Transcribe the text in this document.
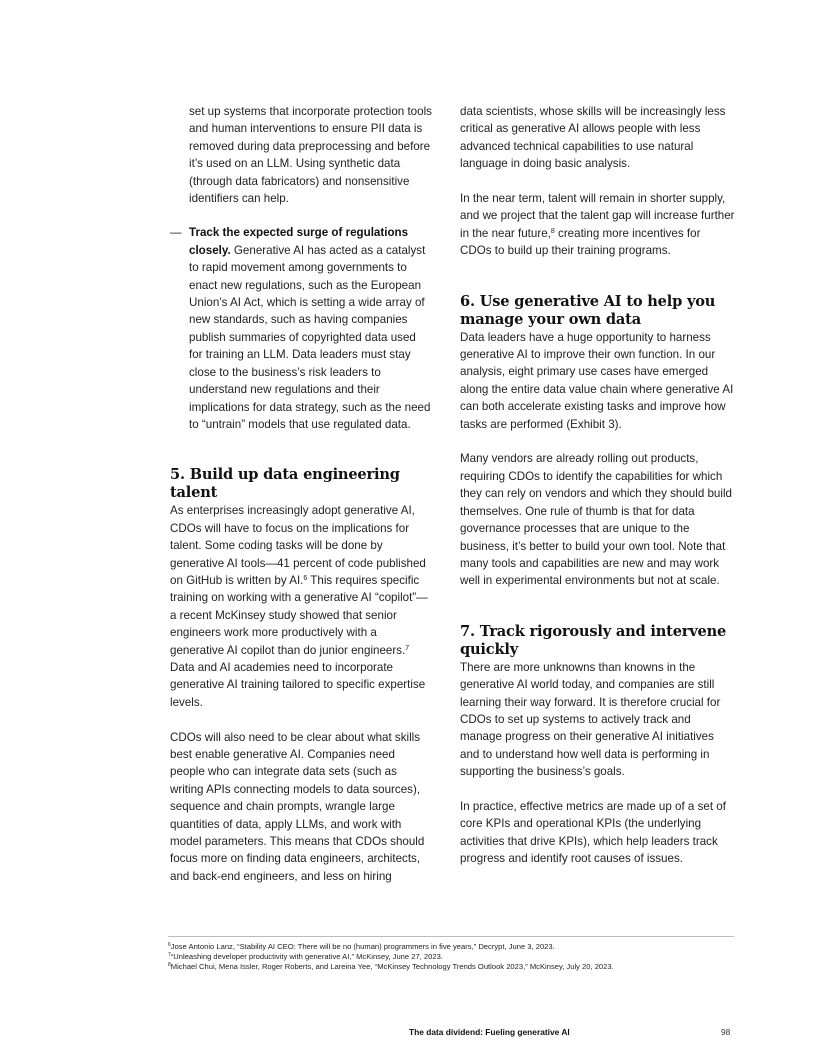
set up systems that incorporate protection tools and human interventions to ensure PII data is removed during data preprocessing and before it’s used on an LLM. Using synthetic data (through data fabricators) and nonsensitive identifiers can help.

— Track the expected surge of regulations closely. Generative AI has acted as a catalyst to rapid movement among governments to enact new regulations, such as the European Union’s AI Act, which is setting a wide array of new standards, such as having companies publish summaries of copyrighted data used for training an LLM. Data leaders must stay close to the business’s risk leaders to understand new regulations and their implications for data strategy, such as the need to “untrain” models that use regulated data.

5. Build up data engineering talent

As enterprises increasingly adopt generative AI, CDOs will have to focus on the implications for talent. Some coding tasks will be done by generative AI tools—41 percent of code published on GitHub is written by AI.$^6$ This requires specific training on working with a generative AI “copilot”—a recent McKinsey study showed that senior engineers work more productively with a generative AI copilot than do junior engineers.$^7$ Data and AI academies need to incorporate generative AI training tailored to specific expertise levels.

CDOs will also need to be clear about what skills best enable generative AI. Companies need people who can integrate data sets (such as writing APIs connecting models to data sources), sequence and chain prompts, wrangle large quantities of data, apply LLMs, and work with model parameters. This means that CDOs should focus more on finding data engineers, architects, and back-end engineers, and less on hiring

data scientists, whose skills will be increasingly less critical as generative AI allows people with less advanced technical capabilities to use natural language in doing basic analysis.

In the near term, talent will remain in shorter supply, and we project that the talent gap will increase further in the near future,$^8$ creating more incentives for CDOs to build up their training programs.

6. Use generative AI to help you manage your own data

Data leaders have a huge opportunity to harness generative AI to improve their own function. In our analysis, eight primary use cases have emerged along the entire data value chain where generative AI can both accelerate existing tasks and improve how tasks are performed (Exhibit 3).

Many vendors are already rolling out products, requiring CDOs to identify the capabilities for which they can rely on vendors and which they should build themselves. One rule of thumb is that for data governance processes that are unique to the business, it’s better to build your own tool. Note that many tools and capabilities are new and may work well in experimental environments but not at scale.

7. Track rigorously and intervene quickly

There are more unknowns than knowns in the generative AI world today, and companies are still learning their way forward. It is therefore crucial for CDOs to set up systems to actively track and manage progress on their generative AI initiatives and to understand how well data is performing in supporting the business’s goals.

In practice, effective metrics are made up of a set of core KPIs and operational KPIs (the underlying activities that drive KPIs), which help leaders track progress and identify root causes of issues.

$^6$Jose Antonio Lanz, “Stability AI CEO: There will be no (human) programmers in five years,” Decrypt, June 3, 2023.
$^7$“Unleashing developer productivity with generative AI,” McKinsey, June 27, 2023.
$^8$Michael Chui, Mena Issler, Roger Roberts, and Lareina Yee, “McKinsey Technology Trends Outlook 2023,” McKinsey, July 20, 2023.
The data dividend: Fueling generative AI	98
